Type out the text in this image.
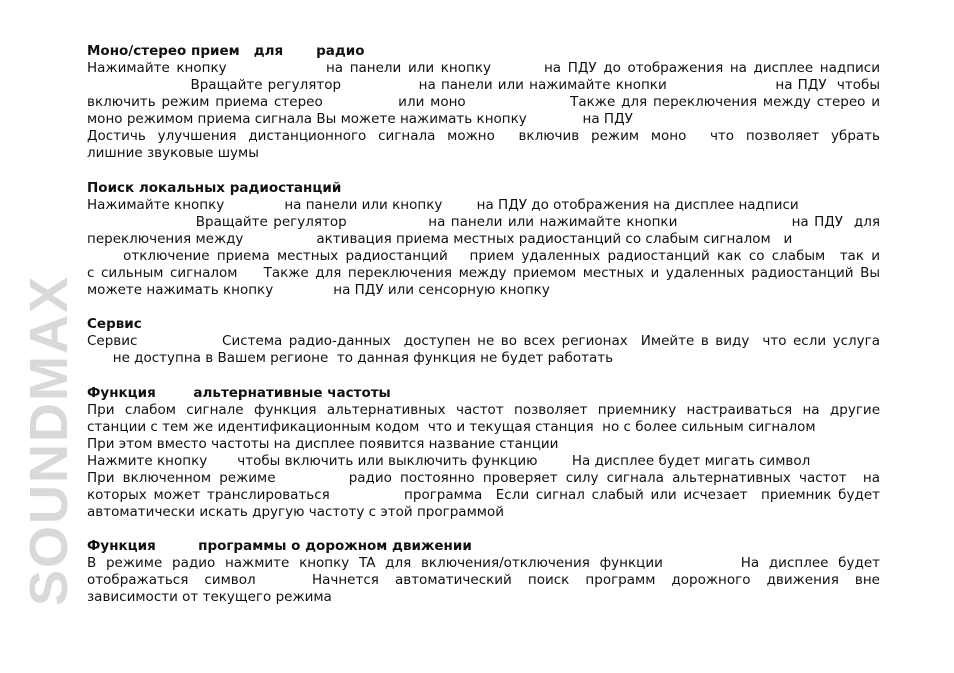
SOUNDMAX
Моно/стерео прием   для       радио
Нажимайте кнопку               на панели или кнопку        на ПДУ до отображения на дисплее надписи
Вращайте регулятор               на панели или нажимайте кнопки                     на ПДУ  чтобы
включить режим приема стерео             или моно                  Также для переключения между стерео и
моно режимом приема сигнала Вы можете нажимать кнопку             на ПДУ
Достичь улучшения дистанционного сигнала можно  включив режим моно  что позволяет убрать
лишние звуковые шумы
Поиск локальных радиостанций
Нажимайте кнопку              на панели или кнопку        на ПДУ до отображения на дисплее надписи
Вращайте регулятор               на панели или нажимайте кнопки                     на ПДУ  для
переключения между                 активация приема местных радиостанций со слабым сигналом   и
отключение приема местных радиостанций   прием удаленных радиостанций как со слабым  так и
с сильным сигналом    Также для переключения между приемом местных и удаленных радиостанций Вы
можете нажимать кнопку              на ПДУ или сенсорную кнопку
Сервис
Сервис             Система радио-данных  доступен не во всех регионах  Имейте в виду  что если услуга
не доступна в Вашем регионе  то данная функция не будет работать
Функция        альтернативные частоты
При слабом сигнале функция альтернативных частот позволяет приемнику настраиваться на другие
станции с тем же идентификационным кодом  что и текущая станция  но с более сильным сигналом
При этом вместо частоты на дисплее появится название станции
Нажмите кнопку       чтобы включить или выключить функцию        На дисплее будет мигать символ
При включенном режиме         радио постоянно проверяет силу сигнала альтернативных частот  на
которых может транслироваться           программа  Если сигнал слабый или исчезает  приемник будет
автоматически искать другую частоту с этой программой
Функция         программы о дорожном движении
В режиме радио нажмите кнопку TA для включения/отключения функции        На дисплее будет
отображаться  символ       Начнется  автоматический  поиск  программ  дорожного  движения  вне
зависимости от текущего режима
